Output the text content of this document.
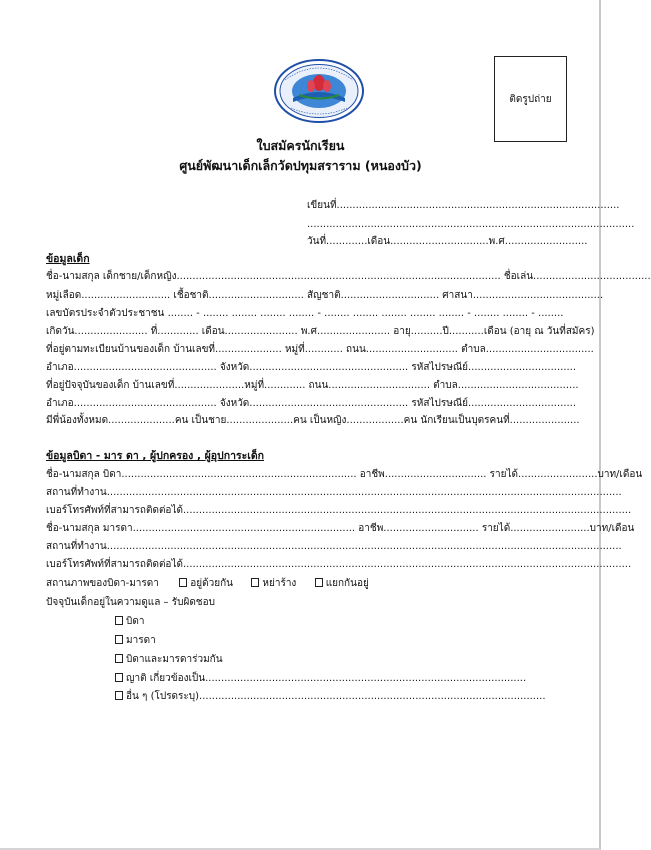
ติดรูปถ่าย
ใบสมัครนักเรียน
ศูนย์พัฒนาเด็กเล็กวัดปทุมสราราม (หนองบัว)
เขียนที่.........................................................................................
.......................................................................................................
วันที่.............เดือน...............................พ.ศ..........................
ข้อมูลเด็ก
ชื่อ-นามสกุล เด็กชาย/เด็กหญิง...................................................................................................... ชื่อเล่น.....................................
หมู่เลือด............................ เชื้อชาติ.............................. สัญชาติ............................... ศาสนา.........................................
เลขบัตรประจำตัวประชาชน ........ - ........ ........ ........ ........ - ........ ........ ........ ........ ........ - ........ ........ - ........
เกิดวัน....................... ที่............. เดือน....................... พ.ศ....................... อายุ..........ปี...........เดือน (อายุ ณ วันที่สมัคร)
ที่อยู่ตามทะเบียนบ้านของเด็ก บ้านเลขที่..................... หมู่ที่............ ถนน............................. ตำบล..................................
อำเภอ............................................. จังหวัด.................................................. รหัสไปรษณีย์..................................
ที่อยู่ปัจจุบันของเด็ก บ้านเลขที่......................หมู่ที่............. ถนน................................ ตำบล......................................
อำเภอ............................................. จังหวัด.................................................. รหัสไปรษณีย์..................................
มีพี่น้องทั้งหมด.....................คน เป็นชาย.....................คน เป็นหญิง..................คน นักเรียนเป็นบุตรคนที่......................
ข้อมูลบิดา - มาร ดา , ผู้ปกครอง , ผู้อุปการะเด็ก
ชื่อ-นามสกุล บิดา.......................................................................... อาชีพ................................ รายได้.........................บาท/เดือน
สถานที่ทำงาน..................................................................................................................................................................
เบอร์โทรศัพท์ที่สามารถติดต่อได้.............................................................................................................................................
ชื่อ-นามสกุล มารดา...................................................................... อาชีพ.............................. รายได้.........................บาท/เดือน
สถานที่ทำงาน..................................................................................................................................................................
เบอร์โทรศัพท์ที่สามารถติดต่อได้.............................................................................................................................................
สถานภาพของบิดา-มารดา	อยู่ด้วยกัน	หย่าร้าง	แยกกันอยู่
ปัจจุบันเด็กอยู่ในความดูแล – รับผิดชอบ
บิดา
มารดา
บิดาและมารดาร่วมกัน
ญาติ เกี่ยวข้องเป็น.....................................................................................................
อื่น ๆ (โปรดระบุ).............................................................................................................
